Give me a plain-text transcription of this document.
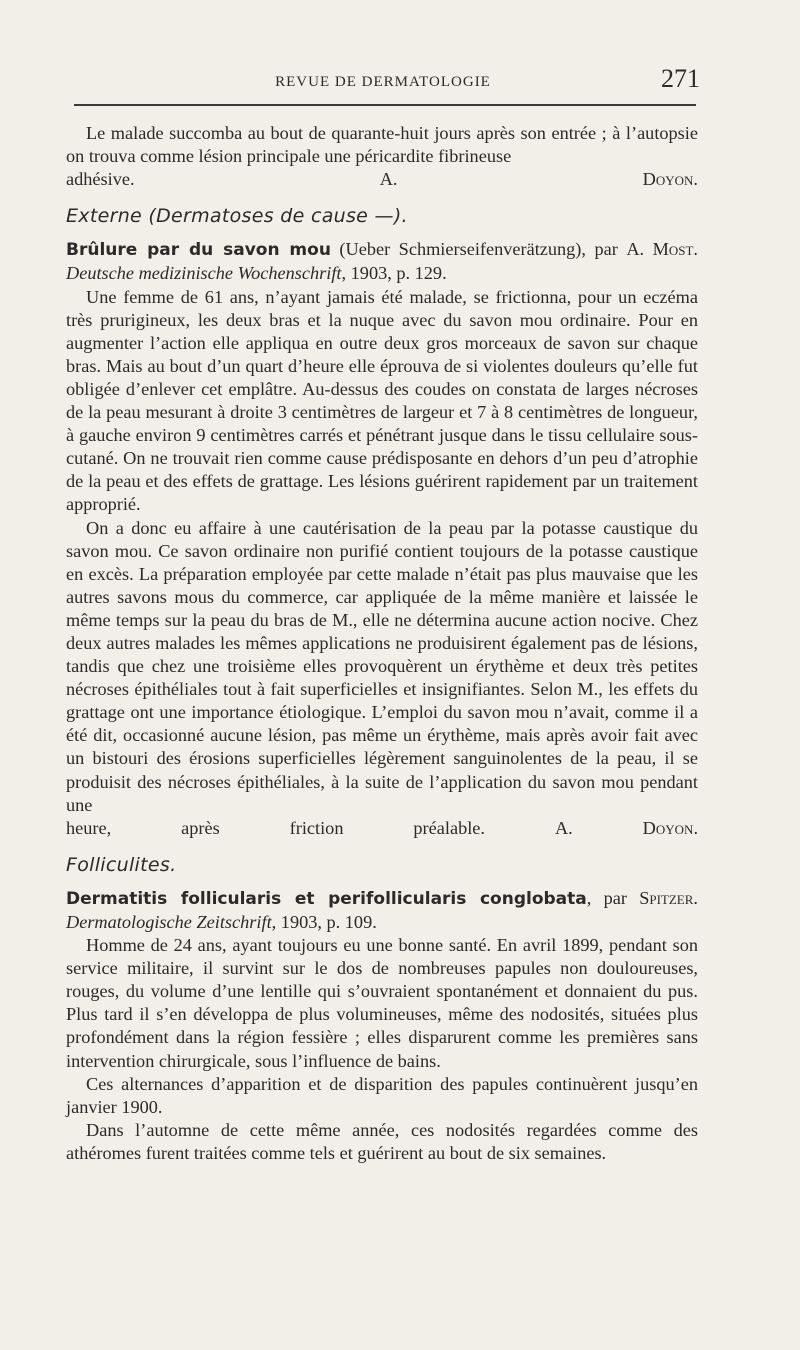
REVUE DE DERMATOLOGIE	271

Le malade succomba au bout de quarante-huit jours après son entrée ; à l’autopsie on trouva comme lésion principale une péricardite fibrineuse

adhésive.	A. Doyon.

Externe (Dermatoses de cause —).

Brûlure par du savon mou (Ueber Schmierseifenverätzung), par A. Most. Deutsche medizinische Wochenschrift, 1903, p. 129.

Une femme de 61 ans, n’ayant jamais été malade, se frictionna, pour un eczéma très prurigineux, les deux bras et la nuque avec du savon mou ordinaire. Pour en augmenter l’action elle appliqua en outre deux gros morceaux de savon sur chaque bras. Mais au bout d’un quart d’heure elle éprouva de si violentes douleurs qu’elle fut obligée d’enlever cet emplâtre. Au-dessus des coudes on constata de larges nécroses de la peau mesurant à droite 3 centimètres de largeur et 7 à 8 centimètres de longueur, à gauche environ 9 centimètres carrés et pénétrant jusque dans le tissu cellulaire sous-cutané. On ne trouvait rien comme cause prédisposante en dehors d’un peu d’atrophie de la peau et des effets de grattage. Les lésions guérirent rapidement par un traitement approprié.

On a donc eu affaire à une cautérisation de la peau par la potasse caustique du savon mou. Ce savon ordinaire non purifié contient toujours de la potasse caustique en excès. La préparation employée par cette malade n’était pas plus mauvaise que les autres savons mous du commerce, car appliquée de la même manière et laissée le même temps sur la peau du bras de M., elle ne détermina aucune action nocive. Chez deux autres malades les mêmes applications ne produisirent également pas de lésions, tandis que chez une troisième elles provoquèrent un érythème et deux très petites nécroses épithéliales tout à fait superficielles et insignifiantes. Selon M., les effets du grattage ont une importance étiologique. L’emploi du savon mou n’avait, comme il a été dit, occasionné aucune lésion, pas même un érythème, mais après avoir fait avec un bistouri des érosions superficielles légèrement sanguinolentes de la peau, il se produisit des nécroses épithéliales, à la suite de l’application du savon mou pendant une

heure, après friction préalable.	A. Doyon.

Folliculites.

Dermatitis follicularis et perifollicularis conglobata, par Spitzer. Dermatologische Zeitschrift, 1903, p. 109.

Homme de 24 ans, ayant toujours eu une bonne santé. En avril 1899, pendant son service militaire, il survint sur le dos de nombreuses papules non douloureuses, rouges, du volume d’une lentille qui s’ouvraient spontanément et donnaient du pus. Plus tard il s’en développa de plus volumineuses, même des nodosités, situées plus profondément dans la région fessière ; elles disparurent comme les premières sans intervention chirurgicale, sous l’influence de bains.

Ces alternances d’apparition et de disparition des papules continuèrent jusqu’en janvier 1900.

Dans l’automne de cette même année, ces nodosités regardées comme des athéromes furent traitées comme tels et guérirent au bout de six semaines.
